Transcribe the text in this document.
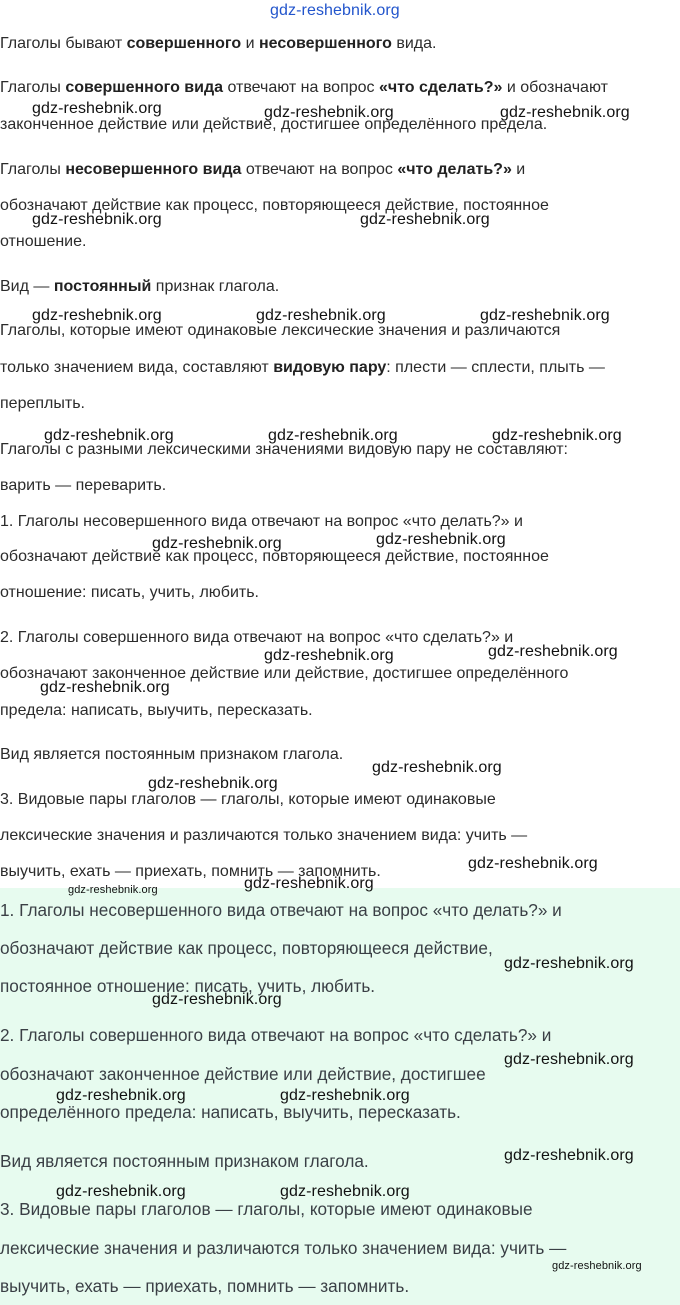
gdz-reshebnik.org
Глаголы бывают совершенного и несовершенного вида.
Глаголы совершенного вида отвечают на вопрос «что сделать?» и обозначают
законченное действие или действие, достигшее определённого предела.
Глаголы несовершенного вида отвечают на вопрос «что делать?» и
обозначают действие как процесс, повторяющееся действие, постоянное
отношение.
Вид — постоянный признак глагола.
Глаголы, которые имеют одинаковые лексические значения и различаются
только значением вида, составляют видовую пару: плести — сплести, плыть —
переплыть.
Глаголы с разными лексическими значениями видовую пару не составляют:
варить — переварить.
1. Глаголы несовершенного вида отвечают на вопрос «что делать?» и
обозначают действие как процесс, повторяющееся действие, постоянное
отношение: писать, учить, любить.
2. Глаголы совершенного вида отвечают на вопрос «что сделать?» и
обозначают законченное действие или действие, достигшее определённого
предела: написать, выучить, пересказать.
Вид является постоянным признаком глагола.
3. Видовые пары глаголов — глаголы, которые имеют одинаковые
лексические значения и различаются только значением вида: учить —
выучить, ехать — приехать, помнить — запомнить.
1. Глаголы несовершенного вида отвечают на вопрос «что делать?» и
обозначают действие как процесс, повторяющееся действие,
постоянное отношение: писать, учить, любить.
2. Глаголы совершенного вида отвечают на вопрос «что сделать?» и
обозначают законченное действие или действие, достигшее
определённого предела: написать, выучить, пересказать.
Вид является постоянным признаком глагола.
3. Видовые пары глаголов — глаголы, которые имеют одинаковые
лексические значения и различаются только значением вида: учить —
выучить, ехать — приехать, помнить — запомнить.
gdz-reshebnik.org	gdz-reshebnik.org	gdz-reshebnik.org
gdz-reshebnik.org	gdz-reshebnik.org
gdz-reshebnik.org	gdz-reshebnik.org	gdz-reshebnik.org
gdz-reshebnik.org	gdz-reshebnik.org	gdz-reshebnik.org
gdz-reshebnik.org	gdz-reshebnik.org
gdz-reshebnik.org	gdz-reshebnik.org
gdz-reshebnik.org
gdz-reshebnik.org
gdz-reshebnik.org
gdz-reshebnik.org
gdz-reshebnik.org	gdz-reshebnik.org
gdz-reshebnik.org
gdz-reshebnik.org
gdz-reshebnik.org
gdz-reshebnik.org	gdz-reshebnik.org
gdz-reshebnik.org
gdz-reshebnik.org	gdz-reshebnik.org
gdz-reshebnik.org
